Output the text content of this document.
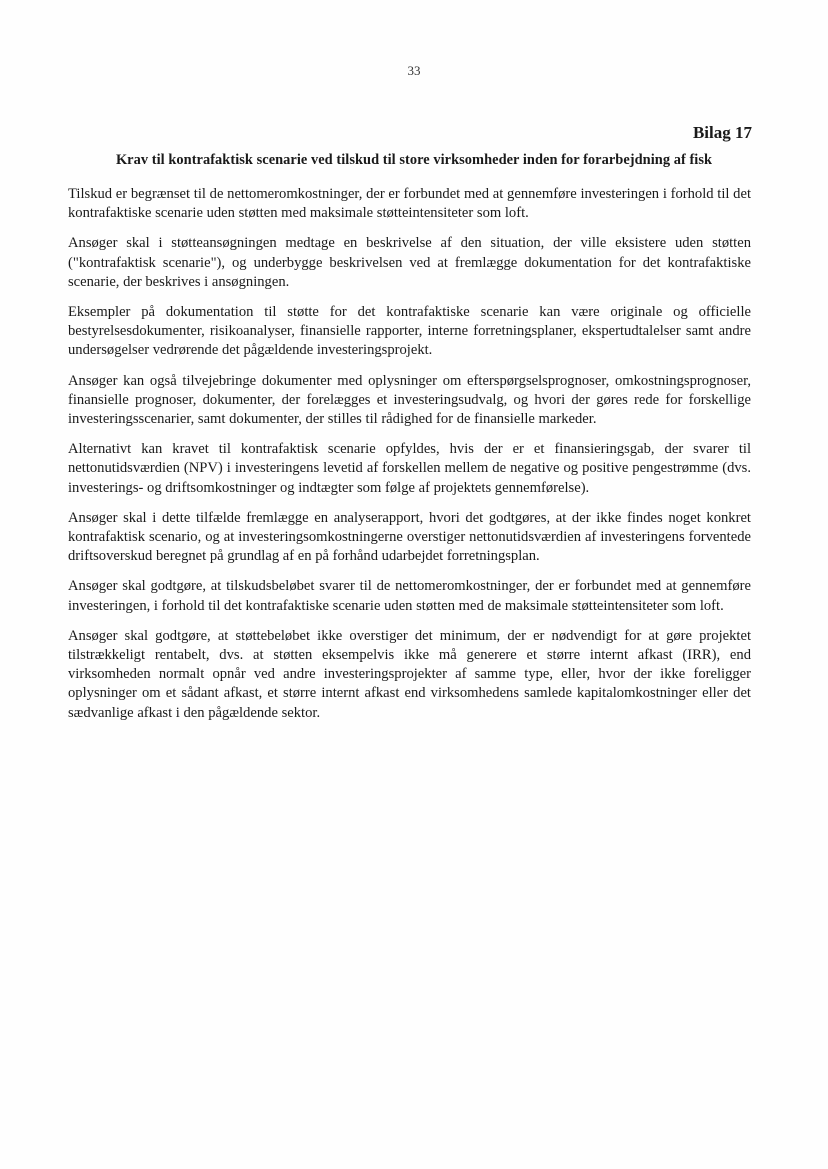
33
Bilag 17
Krav til kontrafaktisk scenarie ved tilskud til store virksomheder inden for forarbejdning af fisk

Tilskud er begrænset til de nettomeromkostninger, der er forbundet med at gennemføre investeringen i forhold til det kontrafaktiske scenarie uden støtten med maksimale støtteintensiteter som loft.

Ansøger skal i støtteansøgningen medtage en beskrivelse af den situation, der ville eksistere uden støtten ("kontrafaktisk scenarie"), og underbygge beskrivelsen ved at fremlægge dokumentation for det kontrafaktiske scenarie, der beskrives i ansøgningen.

Eksempler på dokumentation til støtte for det kontrafaktiske scenarie kan være originale og officielle bestyrelsesdokumenter, risikoanalyser, finansielle rapporter, interne forretningsplaner, ekspertudtalelser samt andre undersøgelser vedrørende det pågældende investeringsprojekt.

Ansøger kan også tilvejebringe dokumenter med oplysninger om efterspørgselsprognoser, omkostningsprognoser, finansielle prognoser, dokumenter, der forelægges et investeringsudvalg, og hvori der gøres rede for forskellige investeringsscenarier, samt dokumenter, der stilles til rådighed for de finansielle markeder.

Alternativt kan kravet til kontrafaktisk scenarie opfyldes, hvis der er et finansieringsgab, der svarer til nettonutidsværdien (NPV) i investeringens levetid af forskellen mellem de negative og positive pengestrømme (dvs. investerings- og driftsomkostninger og indtægter som følge af projektets gennemførelse).

Ansøger skal i dette tilfælde fremlægge en analyserapport, hvori det godtgøres, at der ikke findes noget konkret kontrafaktisk scenario, og at investeringsomkostningerne overstiger nettonutidsværdien af investeringens forventede driftsoverskud beregnet på grundlag af en på forhånd udarbejdet forretningsplan.

Ansøger skal godtgøre, at tilskudsbeløbet svarer til de nettomeromkostninger, der er forbundet med at gennemføre investeringen, i forhold til det kontrafaktiske scenarie uden støtten med de maksimale støtteintensiteter som loft.

Ansøger skal godtgøre, at støttebeløbet ikke overstiger det minimum, der er nødvendigt for at gøre projektet tilstrækkeligt rentabelt, dvs. at støtten eksempelvis ikke må generere et større internt afkast (IRR), end virksomheden normalt opnår ved andre investeringsprojekter af samme type, eller, hvor der ikke foreligger oplysninger om et sådant afkast, et større internt afkast end virksomhedens samlede kapitalomkostninger eller det sædvanlige afkast i den pågældende sektor.
